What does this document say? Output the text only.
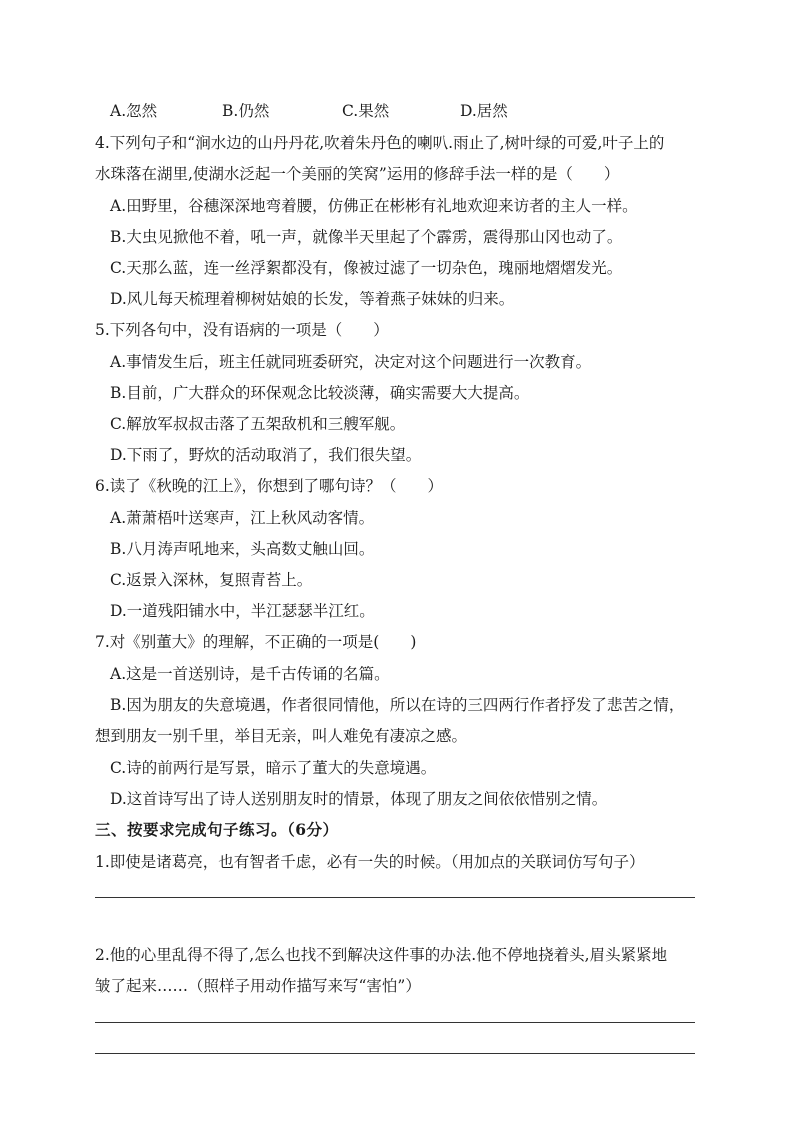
A.忽然	B.仍然	C.果然	D.居然
4.下列句子和“涧水边的山丹丹花,吹着朱丹色的喇叭.雨止了,树叶绿的可爱,叶子上的
水珠落在湖里,使湖水泛起一个美丽的笑窝”运用的修辞手法一样的是（　　）
A.田野里，谷穗深深地弯着腰，仿佛正在彬彬有礼地欢迎来访者的主人一样。
B.大虫见掀他不着，吼一声，就像半天里起了个霹雳，震得那山冈也动了。
C.天那么蓝，连一丝浮絮都没有，像被过滤了一切杂色，瑰丽地熠熠发光。
D.风儿每天梳理着柳树姑娘的长发，等着燕子妹妹的归来。
5.下列各句中，没有语病的一项是（　　）
A.事情发生后，班主任就同班委研究，决定对这个问题进行一次教育。
B.目前，广大群众的环保观念比较淡薄，确实需要大大提高。
C.解放军叔叔击落了五架敌机和三艘军舰。
D.下雨了，野炊的活动取消了，我们很失望。
6.读了《秋晚的江上》，你想到了哪句诗？（　　）
A.萧萧梧叶送寒声，江上秋风动客情。
B.八月涛声吼地来，头高数丈触山回。
C.返景入深林，复照青苔上。
D.一道残阳铺水中，半江瑟瑟半江红。
7.对《别董大》的理解，不正确的一项是(　　)
A.这是一首送别诗，是千古传诵的名篇。
B.因为朋友的失意境遇，作者很同情他，所以在诗的三四两行作者抒发了悲苦之情，
想到朋友一别千里，举目无亲，叫人难免有凄凉之感。
C.诗的前两行是写景，暗示了董大的失意境遇。
D.这首诗写出了诗人送别朋友时的情景，体现了朋友之间依依惜别之情。
三、按要求完成句子练习。（6分）
1.即使是诸葛亮，也有智者千虑，必有一失的时候。（用加点的关联词仿写句子）
2.他的心里乱得不得了,怎么也找不到解决这件事的办法.他不停地挠着头,眉头紧紧地
皱了起来……（照样子用动作描写来写“害怕”）
